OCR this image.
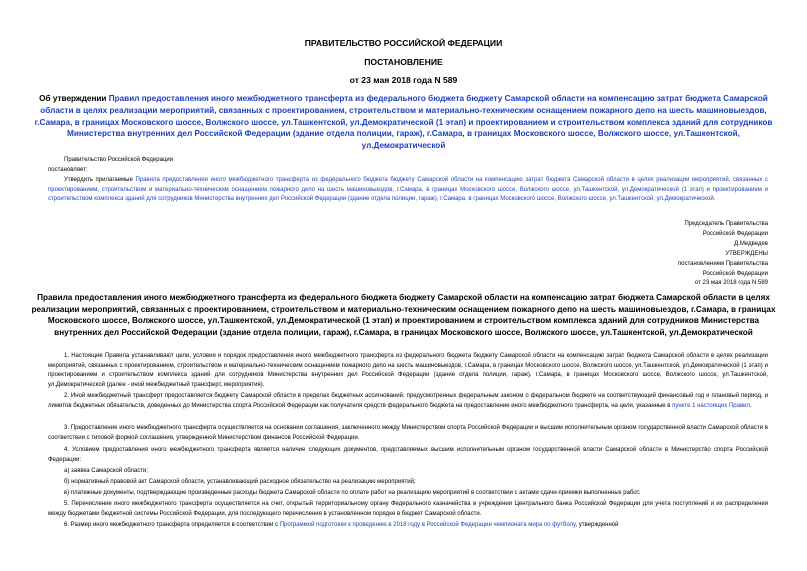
ПРАВИТЕЛЬСТВО РОССИЙСКОЙ ФЕДЕРАЦИИ
ПОСТАНОВЛЕНИЕ
от 23 мая 2018 года N 589
Об утверждении Правил предоставления иного межбюджетного трансферта из федерального бюджета бюджету Самарской области на компенсацию затрат бюджета Самарской области в целях реализации мероприятий, связанных с проектированием, строительством и материально-техническим оснащением пожарного депо на шесть машиновыездов, г.Самара, в границах Московского шоссе, Волжского шоссе, ул.Ташкентской, ул.Демократической (1 этап) и проектированием и строительством комплекса зданий для сотрудников Министерства внутренних дел Российской Федерации (здание отдела полиции, гараж), г.Самара, в границах Московского шоссе, Волжского шоссе, ул.Ташкентской, ул.Демократической
Правительство Российской Федерации
постановляет:
Утвердить прилагаемые Правила предоставления иного межбюджетного трансферта из федерального бюджета бюджету Самарской области на компенсацию затрат бюджета Самарской области в целях реализации мероприятий, связанных с проектированием, строительством и материально-техническим оснащением пожарного депо на шесть машиновыездов, г.Самара, в границах Московского шоссе, Волжского шоссе, ул.Ташкентской, ул.Демократической (1 этап) и проектированием и строительством комплекса зданий для сотрудников Министерства внутренних дел Российской Федерации (здание отдела полиции, гараж), г.Самара, в границах Московского шоссе, Волжского шоссе, ул.Ташкентской, ул.Демократической.
Председатель Правительства
Российской Федерации
Д.Медведев
УТВЕРЖДЕНЫ
постановлением Правительства
Российской Федерации
от 23 мая 2018 года N 589
Правила предоставления иного межбюджетного трансферта из федерального бюджета бюджету Самарской области на компенсацию затрат бюджета Самарской области в целях реализации мероприятий, связанных с проектированием, строительством и материально-техническим оснащением пожарного депо на шесть машиновыездов, г.Самара, в границах Московского шоссе, Волжского шоссе, ул.Ташкентской, ул.Демократической (1 этап) и проектированием и строительством комплекса зданий для сотрудников Министерства внутренних дел Российской Федерации (здание отдела полиции, гараж), г.Самара, в границах Московского шоссе, Волжского шоссе, ул.Ташкентской, ул.Демократической
1. Настоящие Правила устанавливают цели, условия и порядок предоставления иного межбюджетного трансферта из федерального бюджета бюджету Самарской области на компенсацию затрат бюджета Самарской области в целях реализации мероприятий, связанных с проектированием, строительством и материально-техническим оснащением пожарного депо на шесть машиновыездов, г.Самара, в границах Московского шоссе, Волжского шоссе, ул.Ташкентской, ул.Демократической (1 этап) и проектированием и строительством комплекса зданий для сотрудников Министерства внутренних дел Российской Федерации (здание отдела полиции, гараж), г.Самара, в границах Московского шоссе, Волжского шоссе, ул.Ташкентской, ул.Демократической (далее - иной межбюджетный трансферт, мероприятия).
2. Иной межбюджетный трансферт предоставляется бюджету Самарской области в пределах бюджетных ассигнований, предусмотренных федеральным законом о федеральном бюджете на соответствующий финансовый год и плановый период, и лимитов бюджетных обязательств, доведенных до Министерства спорта Российской Федерации как получателя средств федерального бюджета на предоставление иного межбюджетного трансферта, на цели, указанные в пункте 1 настоящих Правил.
3. Предоставление иного межбюджетного трансферта осуществляется на основании соглашения, заключенного между Министерством спорта Российской Федерации и высшим исполнительным органом государственной власти Самарской области в соответствии с типовой формой соглашения, утвержденной Министерством финансов Российской Федерации.
4. Условием предоставления иного межбюджетного трансферта является наличие следующих документов, представляемых высшим исполнительным органом государственной власти Самарской области в Министерство спорта Российской Федерации:
а) заявка Самарской области;
б) нормативный правовой акт Самарской области, устанавливающий расходное обязательство на реализацию мероприятий;
в) платежные документы, подтверждающие произведенные расходы бюджета Самарской области по оплате работ на реализацию мероприятий в соответствии с актами сдачи-приемки выполненных работ.
5. Перечисление иного межбюджетного трансферта осуществляется на счет, открытый территориальному органу Федерального казначейства в учреждении Центрального банка Российской Федерации для учета поступлений и их распределения между бюджетами бюджетной системы Российской Федерации, для последующего перечисления в установленном порядке в бюджет Самарской области.
6. Размер иного межбюджетного трансферта определяется в соответствии с Программой подготовки к проведению в 2018 году в Российской Федерации чемпионата мира по футболу, утвержденной
